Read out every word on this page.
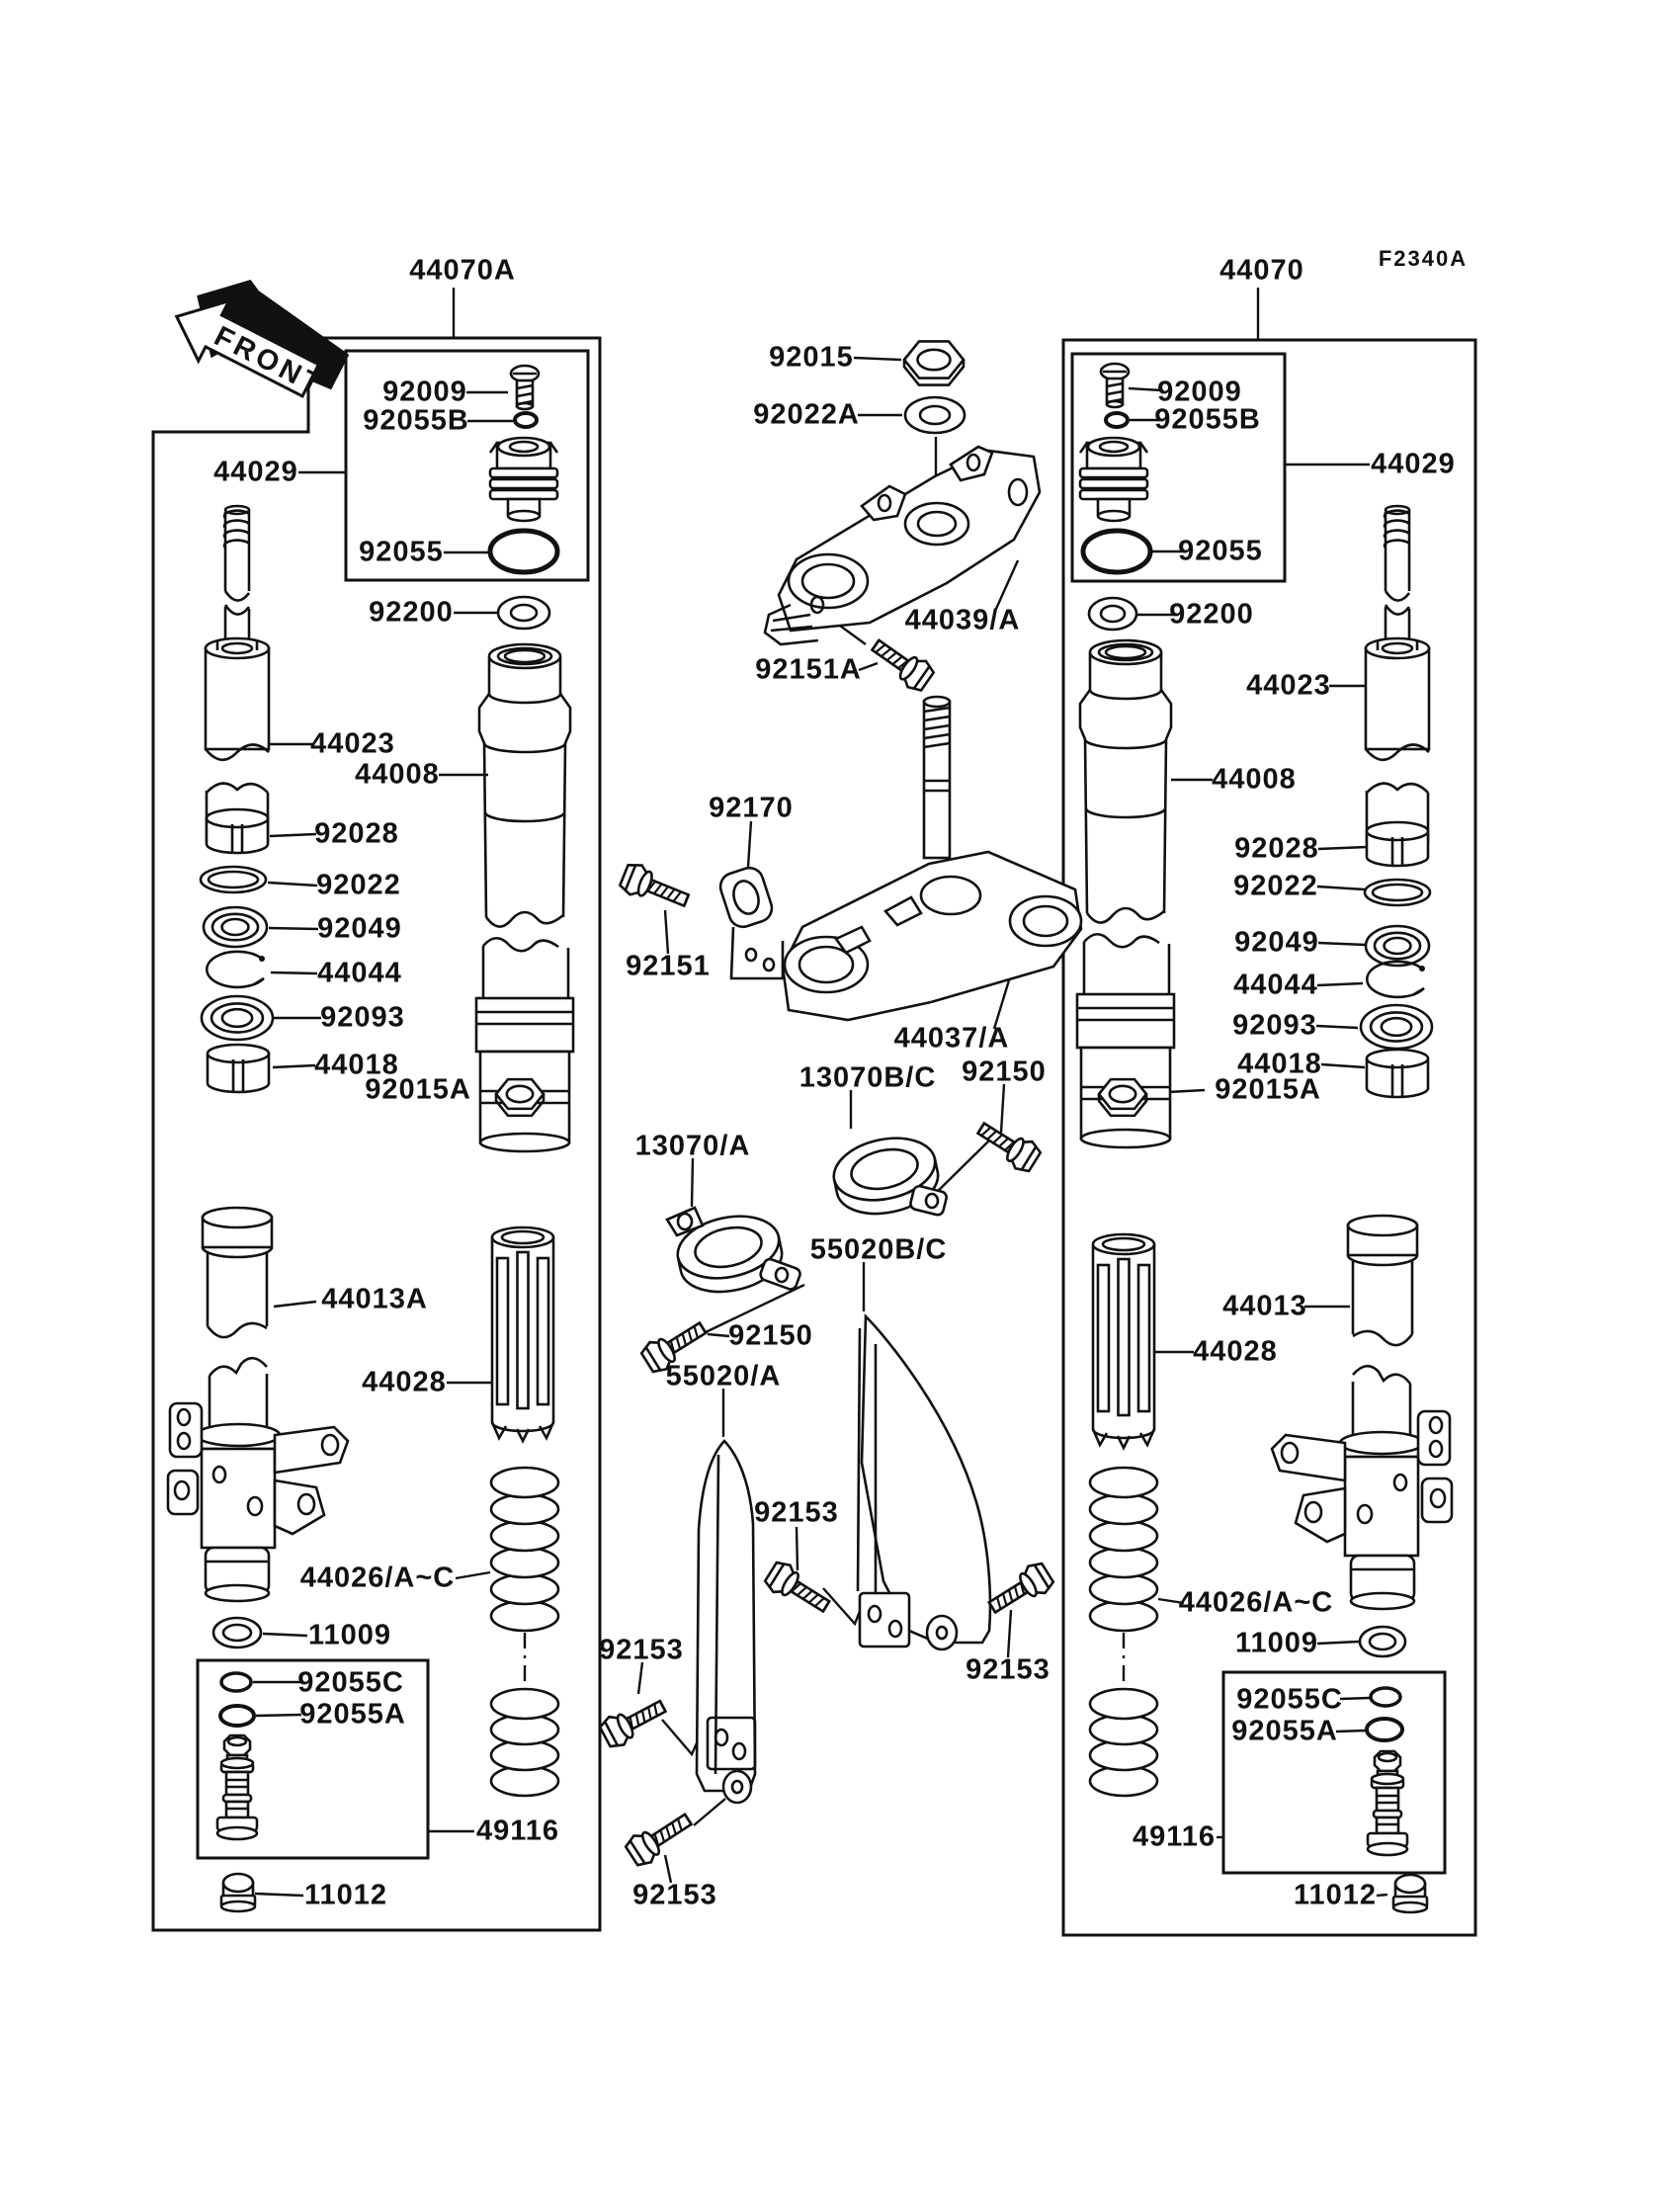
FRONT
F2340A
44070A	44070
44029
92009
92055B
92055
92200
44023
44008
92028
92022
92049
44044
92093
44018
92015A
92015
92022A
44039/A
92151A
92170
92151
44037/A
13070B/C 92150
13070/A
92150
55020B/C
55020/A
92153
92153
92153
92153
44013A
44028
44026/A~C
11009
92055C
92055A
49116
11012
92009
92055B
44029
92055
92200
44023
44008
92028
92022
92049
44044
92093
44018
92015A
44013
44028
44026/A~C
11009
92055C
92055A
49116
11012
